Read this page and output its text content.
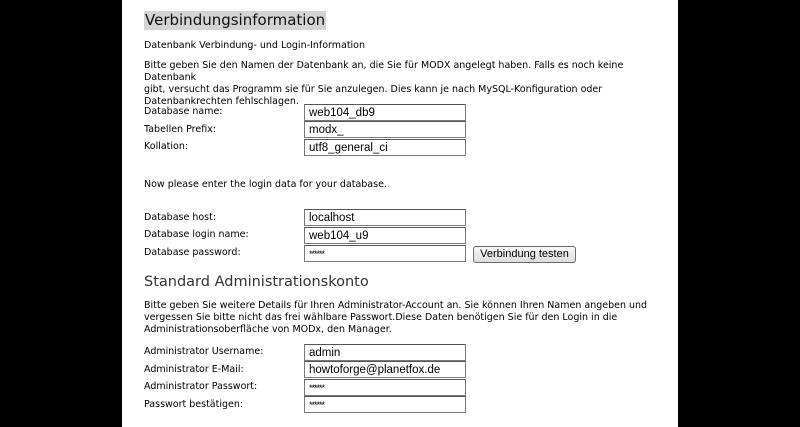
Verbindungsinformation
Datenbank Verbindung- und Login-Information
Bitte geben Sie den Namen der Datenbank an, die Sie für MODX angelegt haben. Falls es noch keine Datenbank
gibt, versucht das Programm sie für Sie anzulegen. Dies kann je nach MySQL-Konfiguration oder
Datenbankrechten fehlschlagen.
Database name:
web104_db9
Tabellen Prefix:
modx_
Kollation:
utf8_general_ci
Now please enter the login data for your database.
Database host:
localhost
Database login name:
web104_u9
Database password:
******	Verbindung testen
Standard Administrationskonto
Bitte geben Sie weitere Details für Ihren Administrator-Account an. Sie können Ihren Namen angeben und
vergessen Sie bitte nicht das frei wählbare Passwort.Diese Daten benötigen Sie für den Login in die
Administrationsoberfläche von MODx, den Manager.
Administrator Username:
admin
Administrator E-Mail:
howtoforge@planetfox.de
Administrator Passwort:
******
Passwort bestätigen:
******
